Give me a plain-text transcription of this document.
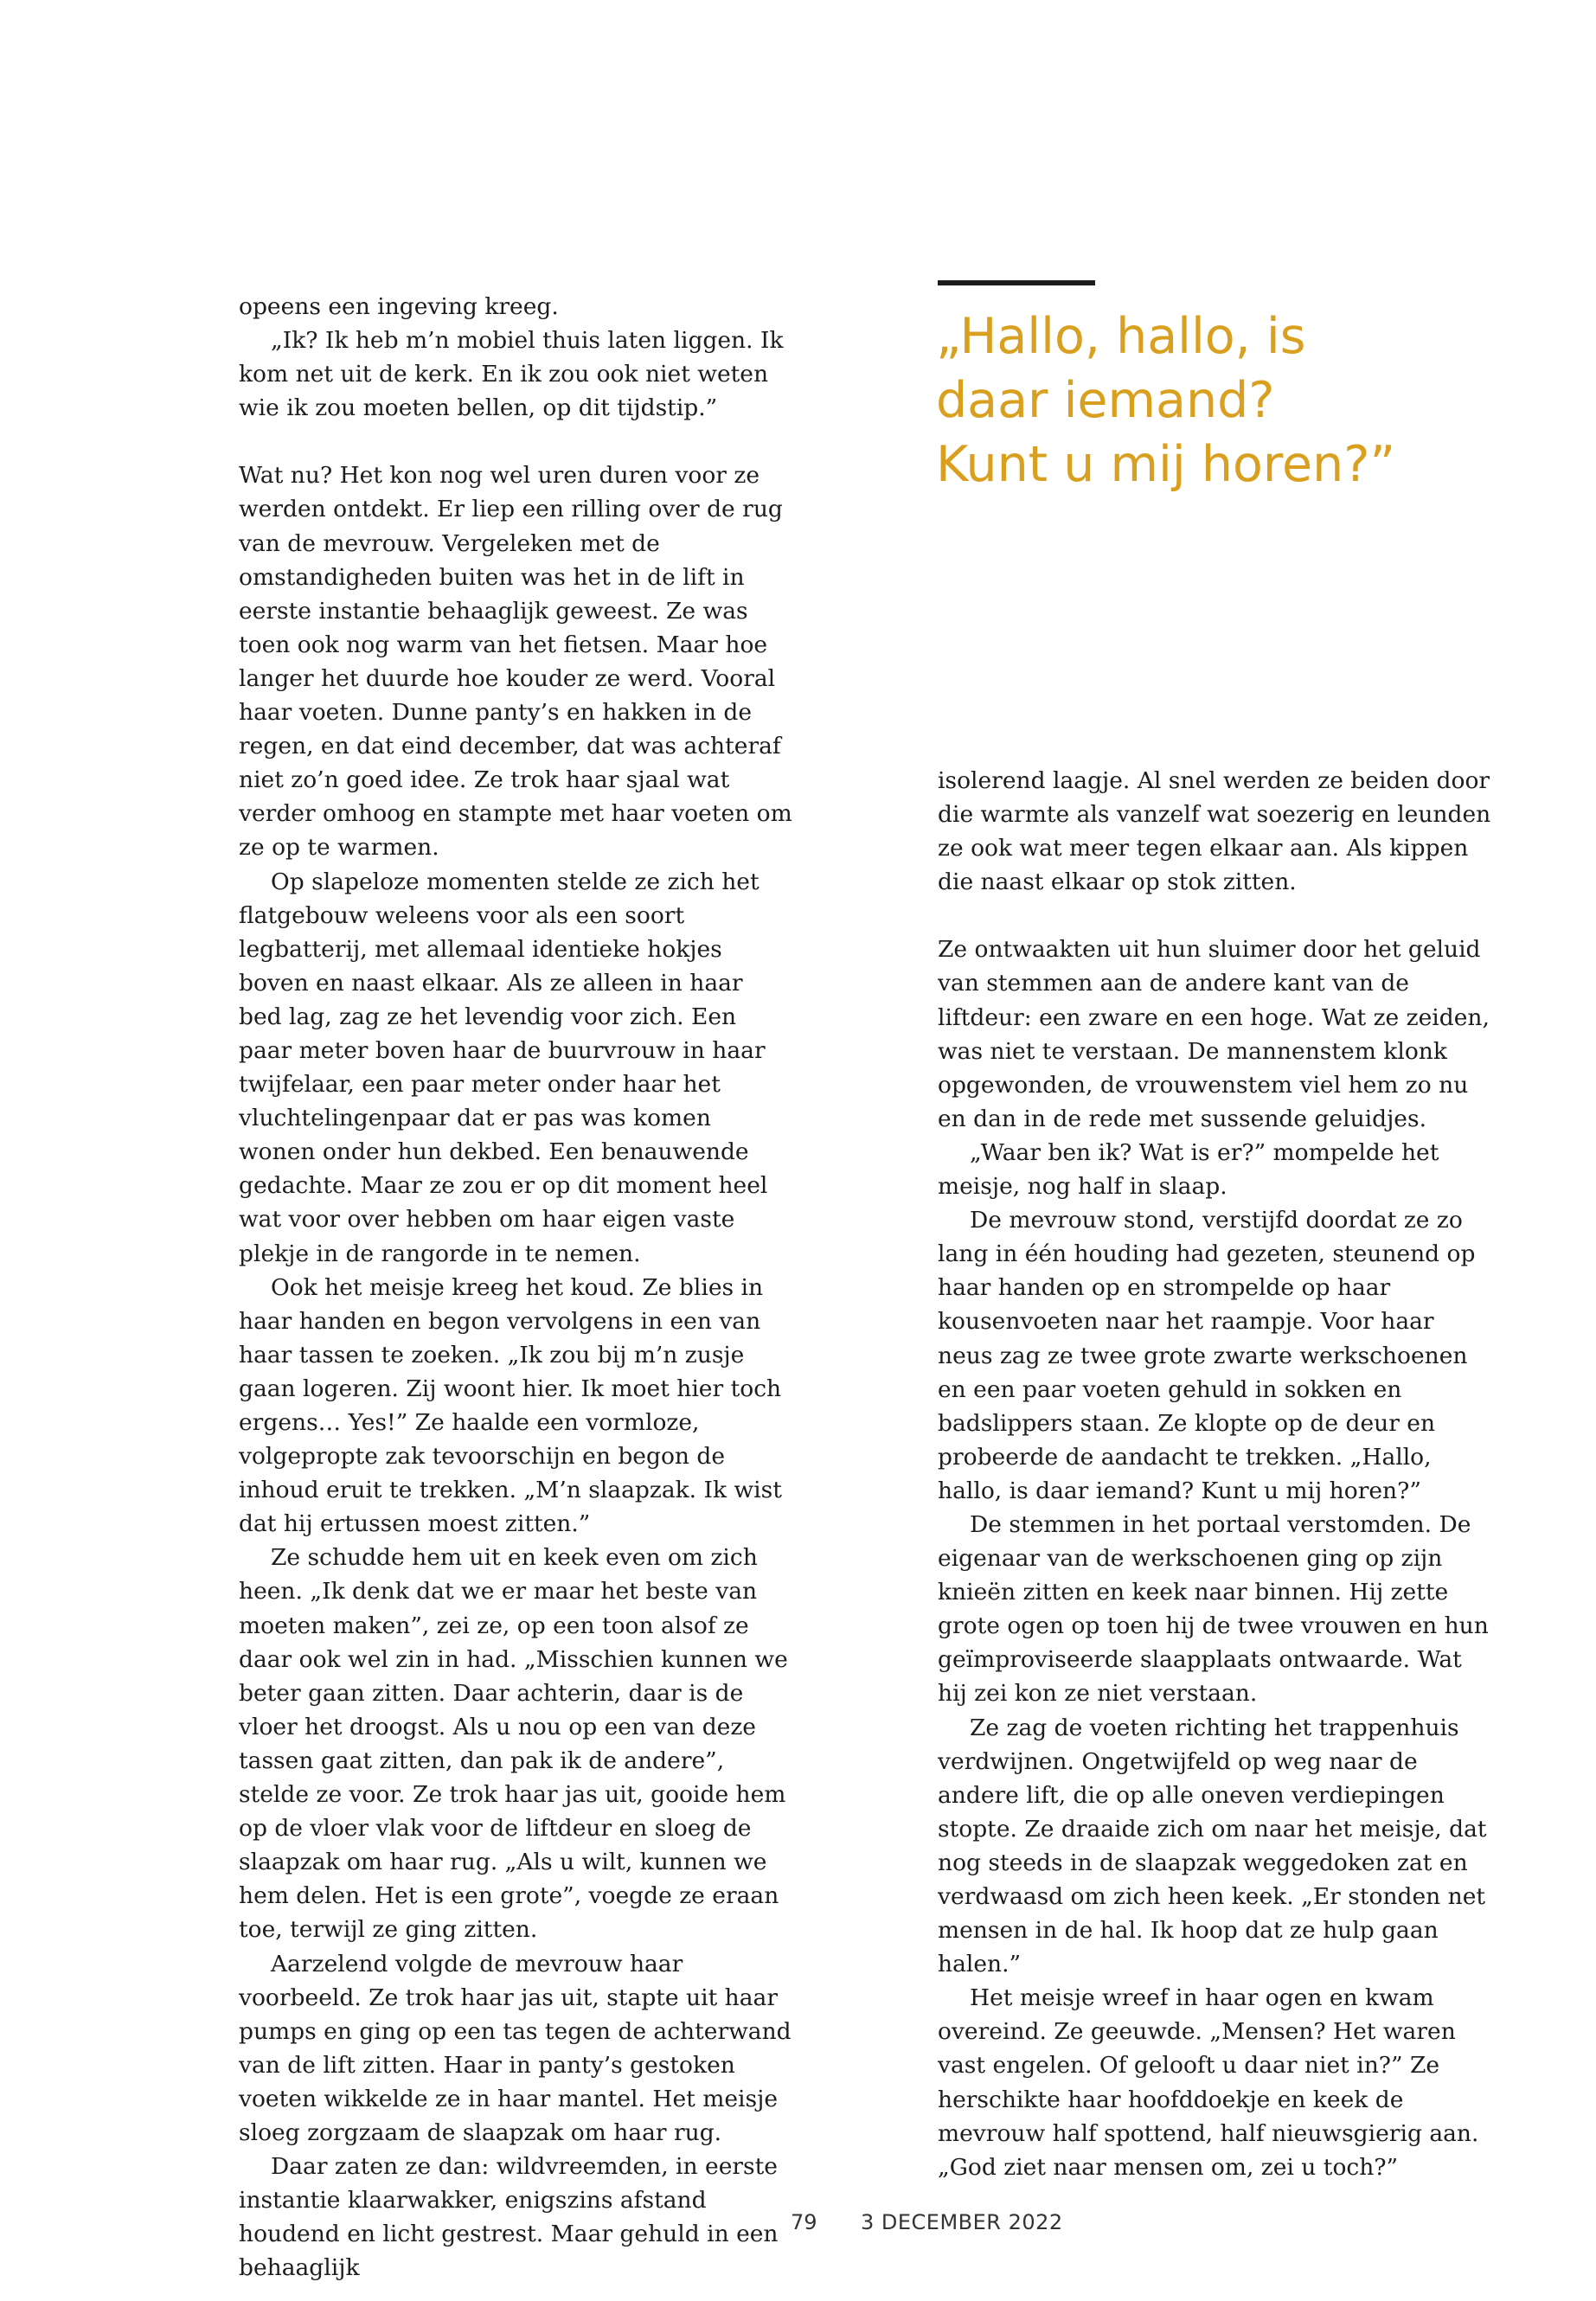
opeens een ingeving kreeg.

„Ik? Ik heb m’n mobiel thuis laten liggen. Ik kom net uit de kerk. En ik zou ook niet weten wie ik zou moeten bellen, op dit tijdstip.”

Wat nu? Het kon nog wel uren duren voor ze werden ontdekt. Er liep een rilling over de rug van de mevrouw. Vergeleken met de omstandigheden buiten was het in de lift in eerste instantie behaaglijk geweest. Ze was toen ook nog warm van het fietsen. Maar hoe langer het duurde hoe kouder ze werd. Vooral haar voeten. Dunne panty’s en hakken in de regen, en dat eind december, dat was achteraf niet zo’n goed idee. Ze trok haar sjaal wat verder omhoog en stampte met haar voeten om ze op te warmen.

Op slapeloze momenten stelde ze zich het flatgebouw weleens voor als een soort legbatterij, met allemaal identieke hokjes boven en naast elkaar. Als ze alleen in haar bed lag, zag ze het levendig voor zich. Een paar meter boven haar de buurvrouw in haar twijfelaar, een paar meter onder haar het vluchtelingenpaar dat er pas was komen wonen onder hun dekbed. Een benauwende gedachte. Maar ze zou er op dit moment heel wat voor over hebben om haar eigen vaste plekje in de rangorde in te nemen.

Ook het meisje kreeg het koud. Ze blies in haar handen en begon vervolgens in een van haar tassen te zoeken. „Ik zou bij m’n zusje gaan logeren. Zij woont hier. Ik moet hier toch ergens… Yes!” Ze haalde een vormloze, volgepropte zak tevoorschijn en begon de inhoud eruit te trekken. „M’n slaapzak. Ik wist dat hij ertussen moest zitten.”

Ze schudde hem uit en keek even om zich heen. „Ik denk dat we er maar het beste van moeten maken”, zei ze, op een toon alsof ze daar ook wel zin in had. „Misschien kunnen we beter gaan zitten. Daar achterin, daar is de vloer het droogst. Als u nou op een van deze tassen gaat zitten, dan pak ik de andere”, stelde ze voor. Ze trok haar jas uit, gooide hem op de vloer vlak voor de liftdeur en sloeg de slaapzak om haar rug. „Als u wilt, kunnen we hem delen. Het is een grote”, voegde ze eraan toe, terwijl ze ging zitten.

Aarzelend volgde de mevrouw haar voorbeeld. Ze trok haar jas uit, stapte uit haar pumps en ging op een tas tegen de achterwand van de lift zitten. Haar in panty’s gestoken voeten wikkelde ze in haar mantel. Het meisje sloeg zorgzaam de slaapzak om haar rug.

Daar zaten ze dan: wildvreemden, in eerste instantie klaarwakker, enigszins afstand houdend en licht gestrest. Maar gehuld in een behaaglijk

„Hallo, hallo, is
daar iemand?
Kunt u mij horen?”

isolerend laagje. Al snel werden ze beiden door die warmte als vanzelf wat soezerig en leunden ze ook wat meer tegen elkaar aan. Als kippen die naast elkaar op stok zitten.

Ze ontwaakten uit hun sluimer door het geluid van stemmen aan de andere kant van de liftdeur: een zware en een hoge. Wat ze zeiden, was niet te verstaan. De mannenstem klonk opgewonden, de vrouwenstem viel hem zo nu en dan in de rede met sussende geluidjes.

„Waar ben ik? Wat is er?” mompelde het meisje, nog half in slaap.

De mevrouw stond, verstijfd doordat ze zo lang in één houding had gezeten, steunend op haar handen op en strompelde op haar kousenvoeten naar het raampje. Voor haar neus zag ze twee grote zwarte werkschoenen en een paar voeten gehuld in sokken en badslippers staan. Ze klopte op de deur en probeerde de aandacht te trekken. „Hallo, hallo, is daar iemand? Kunt u mij horen?”

De stemmen in het portaal verstomden. De eigenaar van de werkschoenen ging op zijn knieën zitten en keek naar binnen. Hij zette grote ogen op toen hij de twee vrouwen en hun geïmproviseerde slaapplaats ontwaarde. Wat hij zei kon ze niet verstaan.

Ze zag de voeten richting het trappenhuis verdwijnen. Ongetwijfeld op weg naar de andere lift, die op alle oneven verdiepingen stopte. Ze draaide zich om naar het meisje, dat nog steeds in de slaapzak weggedoken zat en verdwaasd om zich heen keek. „Er stonden net mensen in de hal. Ik hoop dat ze hulp gaan halen.”

Het meisje wreef in haar ogen en kwam overeind. Ze geeuwde. „Mensen? Het waren vast engelen. Of gelooft u daar niet in?” Ze herschikte haar hoofddoekje en keek de mevrouw half spottend, half nieuwsgierig aan. „God ziet naar mensen om, zei u toch?”

79 3 DECEMBER 2022
